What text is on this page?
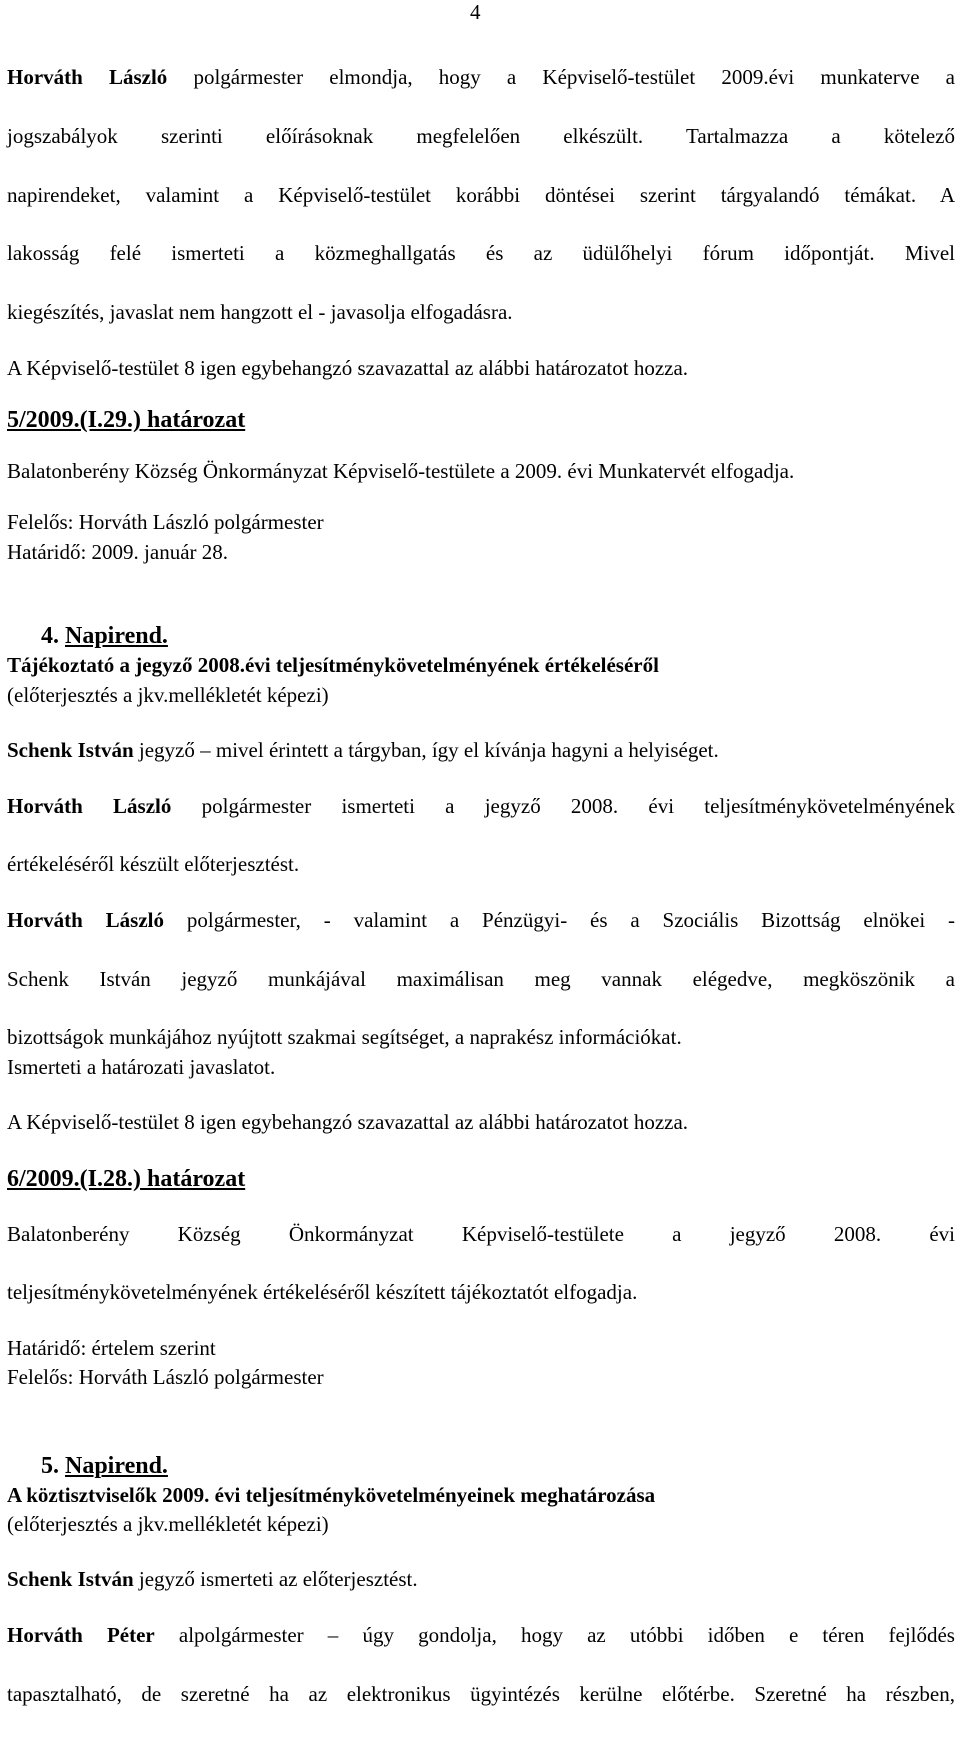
4

Horváth László polgármester elmondja, hogy a Képviselő-testület 2009.évi munkaterve a

jogszabályok szerinti előírásoknak megfelelően elkészült. Tartalmazza a kötelező

napirendeket, valamint a Képviselő-testület korábbi döntései szerint tárgyalandó témákat. A

lakosság felé ismerteti a közmeghallgatás és az üdülőhelyi fórum időpontját. Mivel

kiegészítés, javaslat nem hangzott el - javasolja elfogadásra.

A Képviselő-testület 8 igen egybehangzó szavazattal az alábbi határozatot hozza.

5/2009.(I.29.) határozat

Balatonberény Község Önkormányzat Képviselő-testülete a 2009. évi Munkatervét elfogadja.

Felelős: Horváth László polgármester

Határidő: 2009. január 28.

4. Napirend.

Tájékoztató a jegyző 2008.évi teljesítménykövetelményének értékeléséről

(előterjesztés a jkv.mellékletét képezi)

Schenk István jegyző – mivel érintett a tárgyban, így el kívánja hagyni a helyiséget.

Horváth László polgármester ismerteti a jegyző 2008. évi teljesítménykövetelményének

értékeléséről készült előterjesztést.

Horváth László polgármester, - valamint a Pénzügyi- és a Szociális Bizottság elnökei -

Schenk István jegyző munkájával maximálisan meg vannak elégedve, megköszönik a

bizottságok munkájához nyújtott szakmai segítséget, a naprakész információkat.

Ismerteti a határozati javaslatot.

A Képviselő-testület 8 igen egybehangzó szavazattal az alábbi határozatot hozza.

6/2009.(I.28.) határozat

Balatonberény Község Önkormányzat Képviselő-testülete a jegyző 2008. évi

teljesítménykövetelményének értékeléséről készített tájékoztatót elfogadja.

Határidő: értelem szerint

Felelős: Horváth László polgármester

5. Napirend.

A köztisztviselők 2009. évi teljesítménykövetelményeinek meghatározása

(előterjesztés a jkv.mellékletét képezi)

Schenk István jegyző ismerteti az előterjesztést.

Horváth Péter alpolgármester – úgy gondolja, hogy az utóbbi időben e téren fejlődés

tapasztalható, de szeretné ha az elektronikus ügyintézés kerülne előtérbe. Szeretné ha részben,
